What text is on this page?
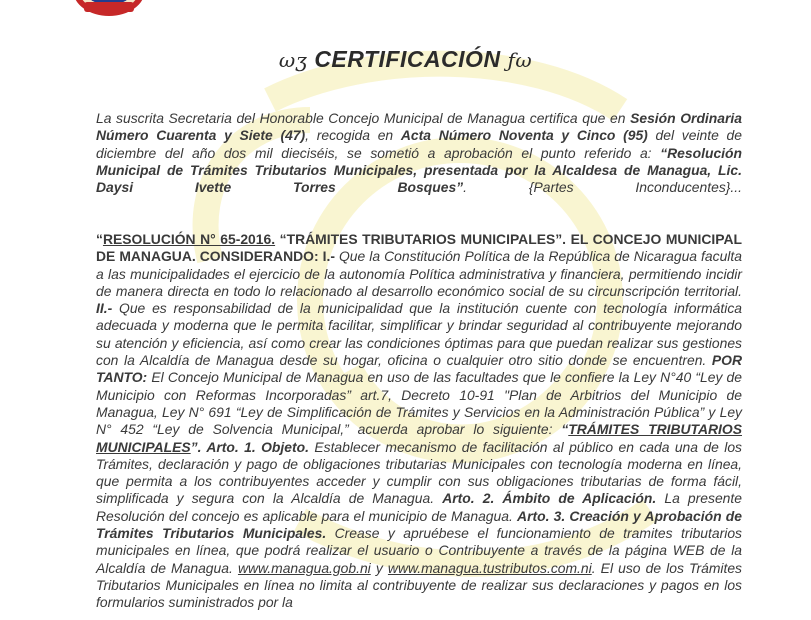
ωʒ CERTIFICACIÓN ƒω
La suscrita Secretaria del Honorable Concejo Municipal de Managua certifica que en Sesión Ordinaria Número Cuarenta y Siete (47), recogida en Acta Número Noventa y Cinco (95) del veinte de diciembre del año dos mil dieciséis, se sometió a aprobación el punto referido a: “Resolución Municipal de Trámites Tributarios Municipales, presentada por la Alcaldesa de Managua, Lic. Daysi Ivette Torres Bosques”. {Partes Inconducentes}...
“RESOLUCIÓN N° 65-2016. “TRÁMITES TRIBUTARIOS MUNICIPALES”. EL CONCEJO MUNICIPAL DE MANAGUA. CONSIDERANDO: I.- Que la Constitución Política de la República de Nicaragua faculta a las municipalidades el ejercicio de la autonomía Política administrativa y financiera, permitiendo incidir de manera directa en todo lo relacionado al desarrollo económico social de su circunscripción territorial. II.- Que es responsabilidad de la municipalidad que la institución cuente con tecnología informática adecuada y moderna que le permita facilitar, simplificar y brindar seguridad al contribuyente mejorando su atención y eficiencia, así como crear las condiciones óptimas para que puedan realizar sus gestiones con la Alcaldía de Managua desde su hogar, oficina o cualquier otro sitio donde se encuentren. POR TANTO: El Concejo Municipal de Managua en uso de las facultades que le confiere la Ley N°40 “Ley de Municipio con Reformas Incorporadas” art.7, Decreto 10-91 "Plan de Arbitrios del Municipio de Managua, Ley N° 691 “Ley de Simplificación de Trámites y Servicios en la Administración Pública” y Ley N° 452 “Ley de Solvencia Municipal,” acuerda aprobar lo siguiente: “TRÁMITES TRIBUTARIOS MUNICIPALES”. Arto. 1. Objeto. Establecer mecanismo de facilitación al público en cada una de los Trámites, declaración y pago de obligaciones tributarias Municipales con tecnología moderna en línea, que permita a los contribuyentes acceder y cumplir con sus obligaciones tributarias de forma fácil, simplificada y segura con la Alcaldía de Managua. Arto. 2. Ámbito de Aplicación. La presente Resolución del concejo es aplicable para el municipio de Managua. Arto. 3. Creación y Aprobación de Trámites Tributarios Municipales. Crease y apruébese el funcionamiento de tramites tributarios municipales en línea, que podrá realizar el usuario o Contribuyente a través de la página WEB de la Alcaldía de Managua. www.managua.gob.ni y www.managua.tustributos.com.ni. El uso de los Trámites Tributarios Municipales en línea no limita al contribuyente de realizar sus declaraciones y pagos en los formularios suministrados por la
